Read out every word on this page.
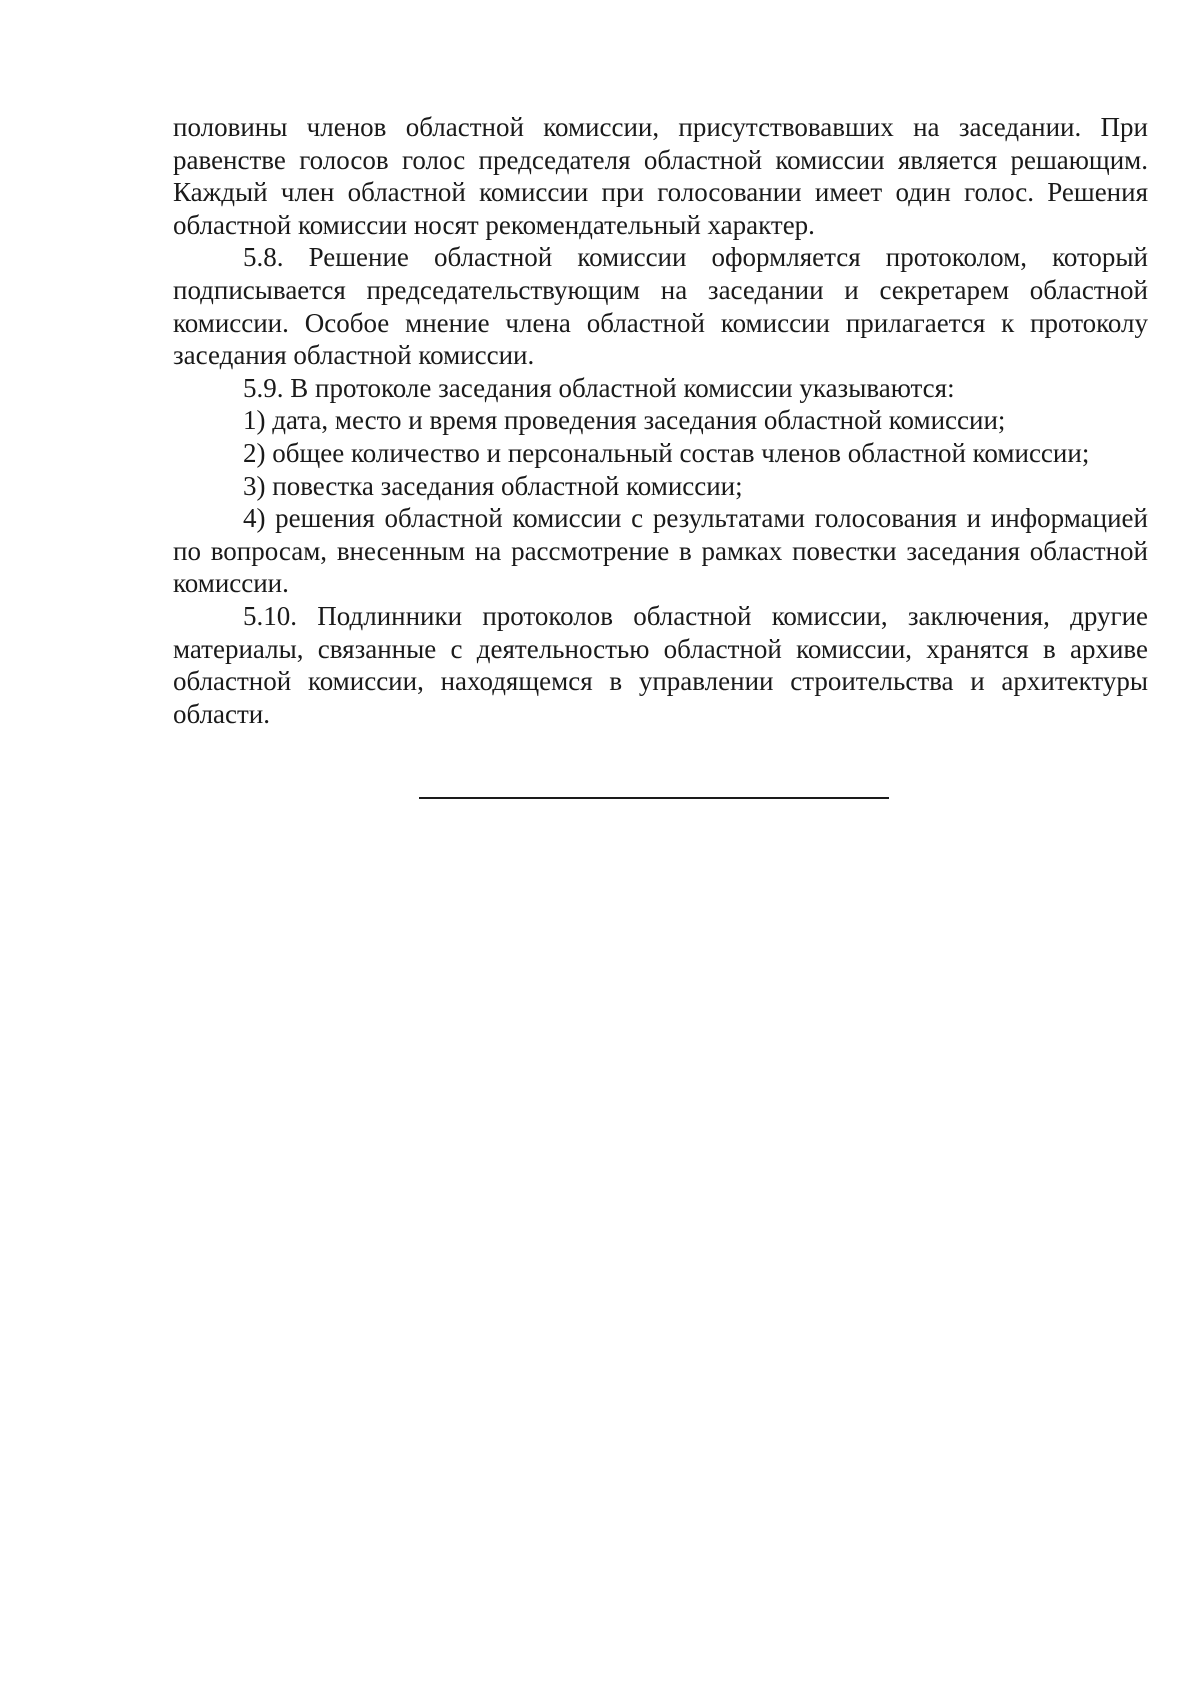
половины членов областной комиссии, присутствовавших на заседании. При равенстве голосов голос председателя областной комиссии является решающим. Каждый член областной комиссии при голосовании имеет один голос. Решения областной комиссии носят рекомендательный характер.

5.8. Решение областной комиссии оформляется протоколом, который подписывается председательствующим на заседании и секретарем областной комиссии. Особое мнение члена областной комиссии прилагается к протоколу заседания областной комиссии.

5.9. В протоколе заседания областной комиссии указываются:

1) дата, место и время проведения заседания областной комиссии;

2) общее количество и персональный состав членов областной комиссии;

3) повестка заседания областной комиссии;

4) решения областной комиссии с результатами голосования и информацией по вопросам, внесенным на рассмотрение в рамках повестки заседания областной комиссии.

5.10. Подлинники протоколов областной комиссии, заключения, другие материалы, связанные с деятельностью областной комиссии, хранятся в архиве областной комиссии, находящемся в управлении строительства и архитектуры области.
